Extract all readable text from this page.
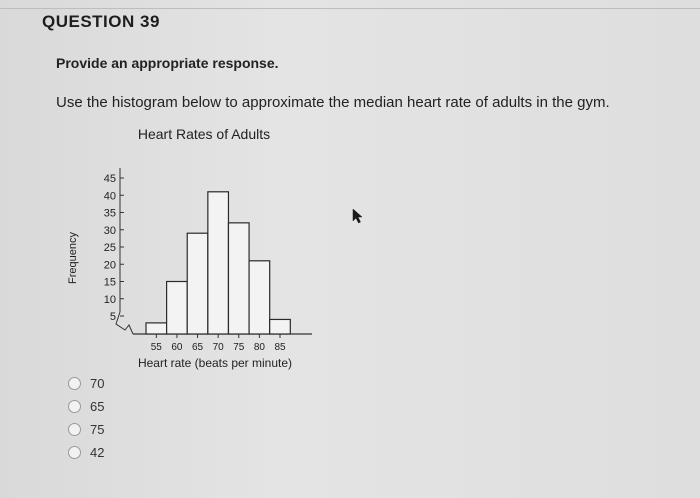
QUESTION 39
Provide an appropriate response.
Use the histogram below to approximate the median heart rate of adults in the gym.
Heart Rates of Adults
Frequency
Heart rate (beats per minute)
5
10
15
20
25
30
35
40
45
55 60 65 70 75 80 85
70
65
75
42
